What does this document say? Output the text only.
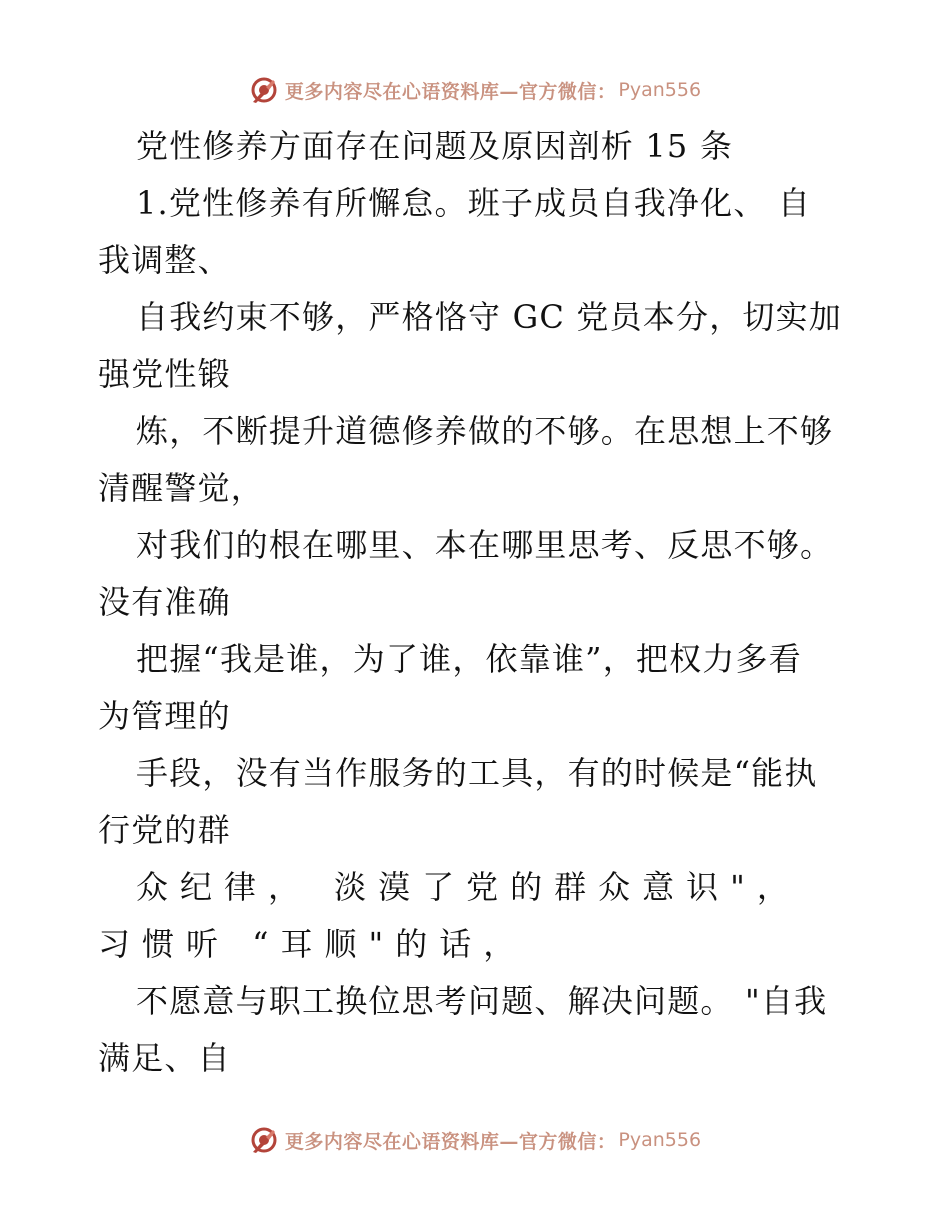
更多内容尽在心语资料库—官方微信： Pyan556
党性修养方面存在问题及原因剖析 15 条
1.党性修养有所懈怠。班子成员自我净化、 自
我调整、
自我约束不够，严格恪守 GC 党员本分，切实加
强党性锻
炼，不断提升道德修养做的不够。在思想上不够
清醒警觉，
对我们的根在哪里、本在哪里思考、反思不够。
没有准确
把握“我是谁，为了谁，依靠谁”，把权力多看
为管理的
手段，没有当作服务的工具，有的时候是“能执
行党的群
众纪律， 淡漠了党的群众意识"，
习惯听 “耳顺"的话，
不愿意与职工换位思考问题、解决问题。 "自我
满足、自
更多内容尽在心语资料库—官方微信： Pyan556
